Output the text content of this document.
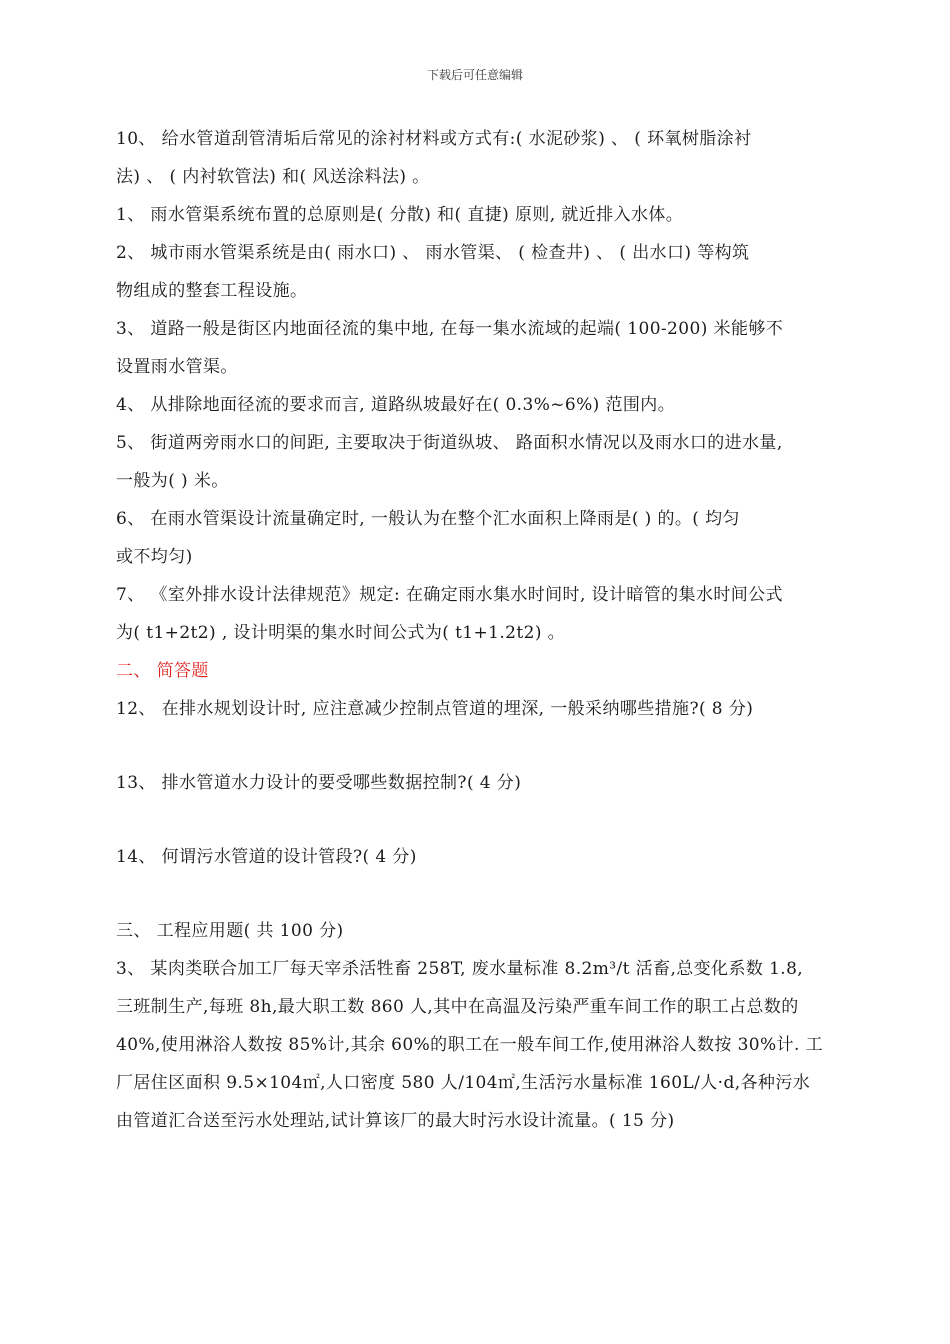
下载后可任意编辑
10、 给水管道刮管清垢后常见的涂衬材料或方式有:( 水泥砂浆) 、 ( 环氧树脂涂衬
法) 、 ( 内衬软管法) 和( 风送涂料法) 。
1、 雨水管渠系统布置的总原则是( 分散) 和( 直捷) 原则, 就近排入水体。
2、 城市雨水管渠系统是由( 雨水口) 、 雨水管渠、 ( 检查井) 、 ( 出水口) 等构筑
物组成的整套工程设施。
3、 道路一般是街区内地面径流的集中地, 在每一集水流域的起端( 100-200) 米能够不
设置雨水管渠。
4、 从排除地面径流的要求而言, 道路纵坡最好在( 0.3%~6%) 范围内。
5、 街道两旁雨水口的间距, 主要取决于街道纵坡、 路面积水情况以及雨水口的进水量,
一般为( ) 米。
6、 在雨水管渠设计流量确定时, 一般认为在整个汇水面积上降雨是( ) 的。( 均匀
或不均匀)
7、 《室外排水设计法律规范》规定: 在确定雨水集水时间时, 设计暗管的集水时间公式
为( t1+2t2) , 设计明渠的集水时间公式为( t1+1.2t2) 。
二、 简答题
12、 在排水规划设计时, 应注意减少控制点管道的埋深, 一般采纳哪些措施?( 8 分)
13、 排水管道水力设计的要受哪些数据控制?( 4 分)
14、 何谓污水管道的设计管段?( 4 分)
三、 工程应用题( 共 100 分)
3、 某肉类联合加工厂每天宰杀活牲畜 258T, 废水量标准 8.2m³/t 活畜,总变化系数 1.8,
三班制生产,每班 8h,最大职工数 860 人,其中在高温及污染严重车间工作的职工占总数的
40%,使用淋浴人数按 85%计,其余 60%的职工在一般车间工作,使用淋浴人数按 30%计. 工
厂居住区面积 9.5×104㎡,人口密度 580 人/104㎡,生活污水量标准 160L/人·d,各种污水
由管道汇合送至污水处理站,试计算该厂的最大时污水设计流量。( 15 分)
